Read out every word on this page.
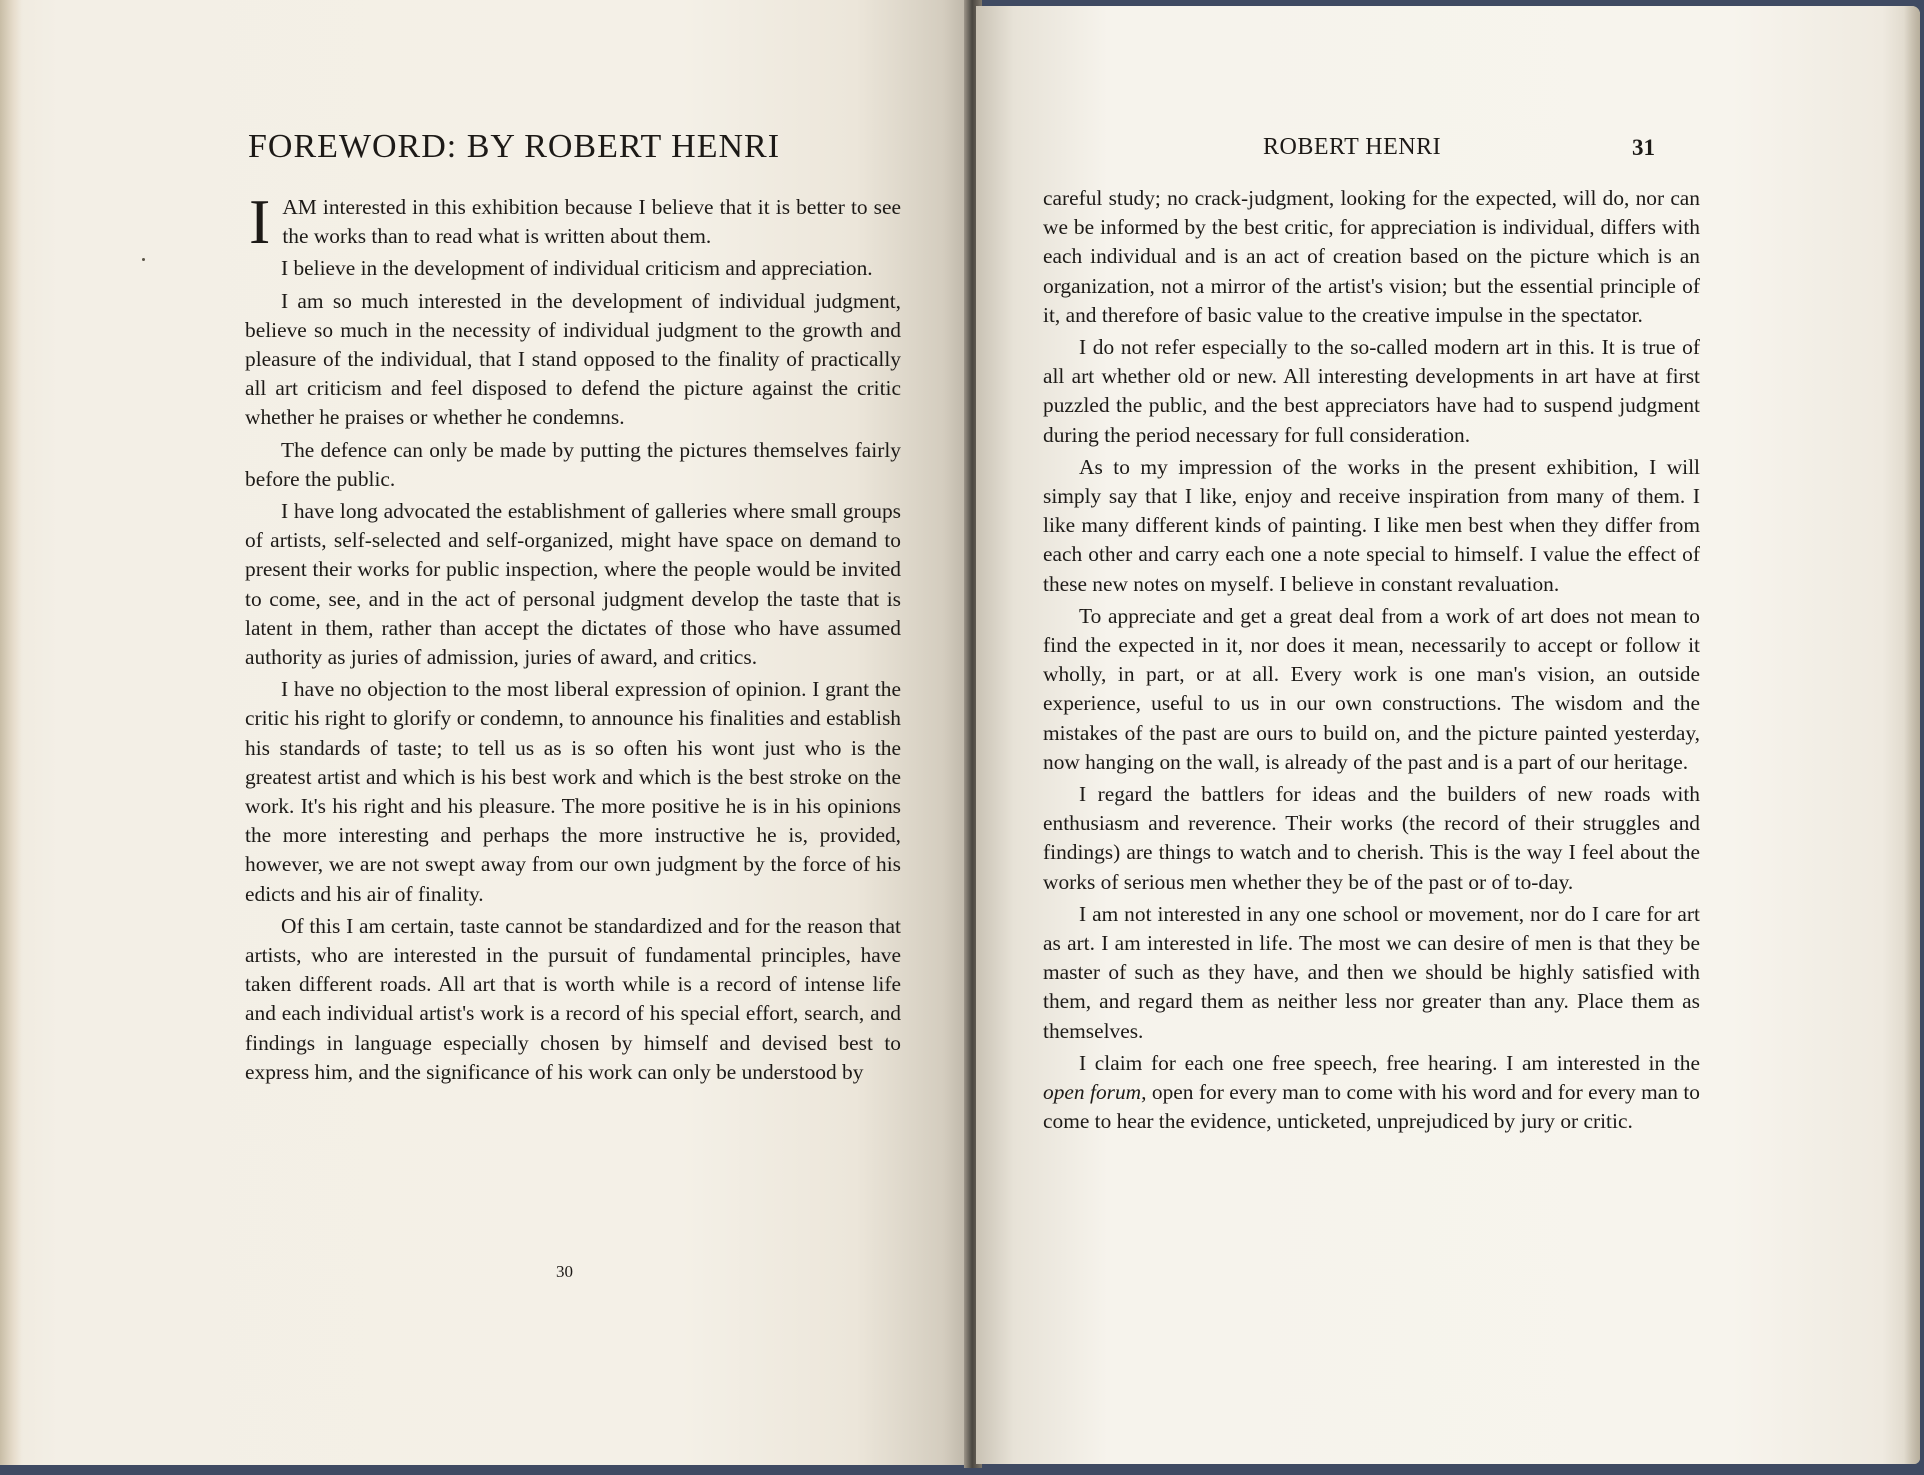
FOREWORD: BY ROBERT HENRI

IAM interested in this exhibition because I believe that it is better to see the works than to read what is written about them.

I believe in the development of individual criticism and appreciation.

I am so much interested in the development of individual judgment, believe so much in the necessity of individual judgment to the growth and pleasure of the individual, that I stand opposed to the finality of practically all art criticism and feel disposed to defend the picture against the critic whether he praises or whether he condemns.

The defence can only be made by putting the pictures themselves fairly before the public.

I have long advocated the establishment of galleries where small groups of artists, self-selected and self-organized, might have space on demand to present their works for public inspection, where the people would be invited to come, see, and in the act of personal judgment develop the taste that is latent in them, rather than accept the dictates of those who have assumed authority as juries of admission, juries of award, and critics.

I have no objection to the most liberal expression of opinion. I grant the critic his right to glorify or condemn, to announce his finalities and establish his standards of taste; to tell us as is so often his wont just who is the greatest artist and which is his best work and which is the best stroke on the work. It's his right and his pleasure. The more positive he is in his opinions the more interesting and perhaps the more instructive he is, provided, however, we are not swept away from our own judgment by the force of his edicts and his air of finality.

Of this I am certain, taste cannot be standardized and for the reason that artists, who are interested in the pursuit of fundamental principles, have taken different roads. All art that is worth while is a record of intense life and each individual artist's work is a record of his special effort, search, and findings in language especially chosen by himself and devised best to express him, and the significance of his work can only be understood by

30
ROBERT HENRI	31

careful study; no crack-judgment, looking for the expected, will do, nor can we be informed by the best critic, for appreciation is individual, differs with each individual and is an act of creation based on the picture which is an organization, not a mirror of the artist's vision; but the essential principle of it, and therefore of basic value to the creative impulse in the spectator.

I do not refer especially to the so-called modern art in this. It is true of all art whether old or new. All interesting developments in art have at first puzzled the public, and the best appreciators have had to suspend judgment during the period necessary for full consideration.

As to my impression of the works in the present exhibition, I will simply say that I like, enjoy and receive inspiration from many of them. I like many different kinds of painting. I like men best when they differ from each other and carry each one a note special to himself. I value the effect of these new notes on myself. I believe in constant revaluation.

To appreciate and get a great deal from a work of art does not mean to find the expected in it, nor does it mean, necessarily to accept or follow it wholly, in part, or at all. Every work is one man's vision, an outside experience, useful to us in our own constructions. The wisdom and the mistakes of the past are ours to build on, and the picture painted yesterday, now hanging on the wall, is already of the past and is a part of our heritage.

I regard the battlers for ideas and the builders of new roads with enthusiasm and reverence. Their works (the record of their struggles and findings) are things to watch and to cherish. This is the way I feel about the works of serious men whether they be of the past or of to-day.

I am not interested in any one school or movement, nor do I care for art as art. I am interested in life. The most we can desire of men is that they be master of such as they have, and then we should be highly satisfied with them, and regard them as neither less nor greater than any. Place them as themselves.

I claim for each one free speech, free hearing. I am interested in the open forum, open for every man to come with his word and for every man to come to hear the evidence, unticketed, unprejudiced by jury or critic.
